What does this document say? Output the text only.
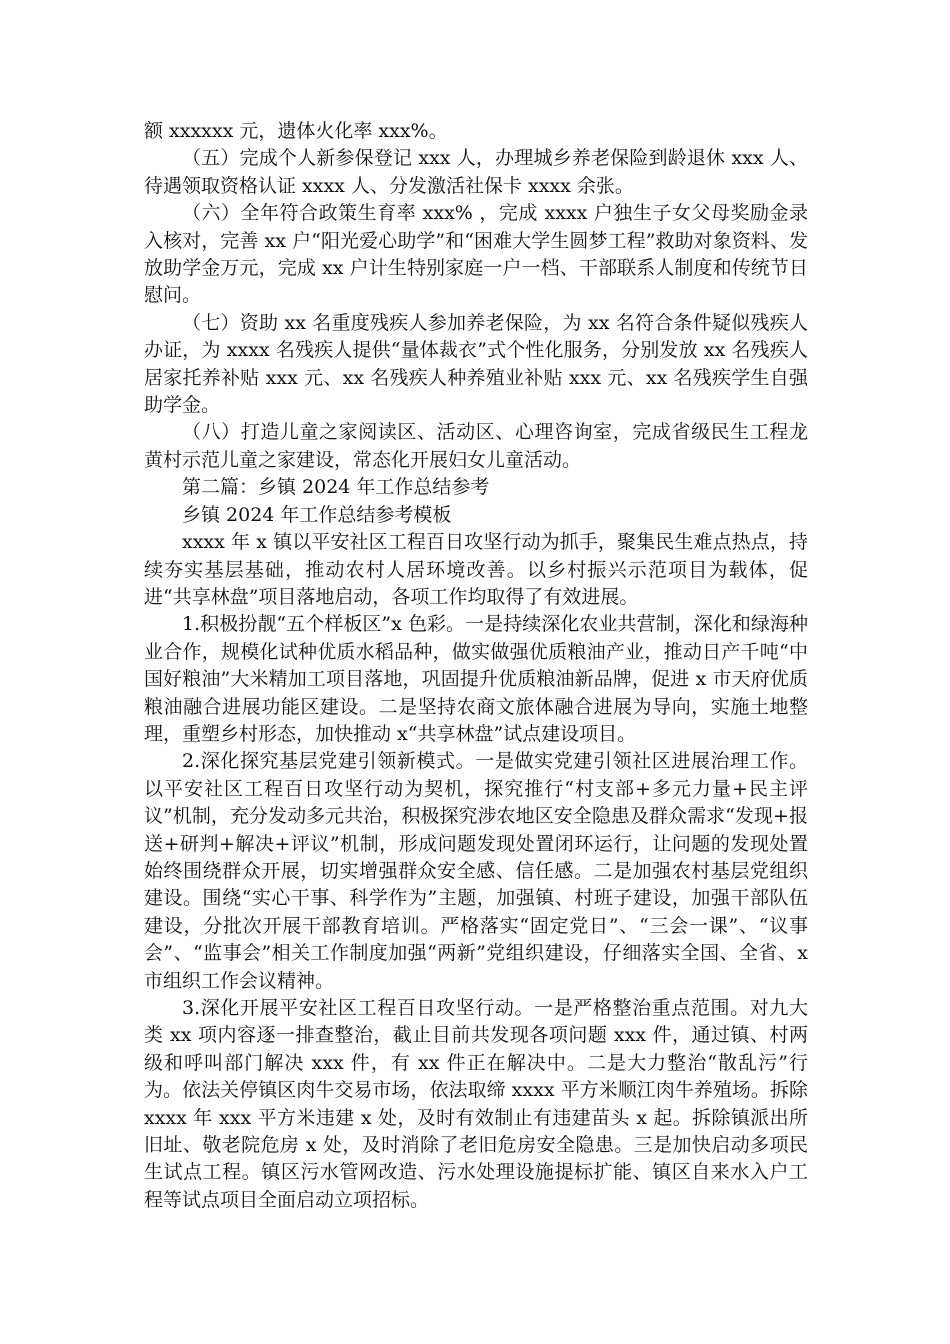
额 xxxxxx 元，遗体火化率 xxx%。

（五）完成个人新参保登记 xxx 人，办理城乡养老保险到龄退休 xxx 人、待遇领取资格认证 xxxx 人、分发激活社保卡 xxxx 余张。

（六）全年符合政策生育率 xxx% ，完成 xxxx 户独生子女父母奖励金录入核对，完善 xx 户“阳光爱心助学”和“困难大学生圆梦工程”救助对象资料、发放助学金万元，完成 xx 户计生特别家庭一户一档、干部联系人制度和传统节日慰问。

（七）资助 xx 名重度残疾人参加养老保险，为 xx 名符合条件疑似残疾人办证，为 xxxx 名残疾人提供“量体裁衣”式个性化服务，分别发放 xx 名残疾人居家托养补贴 xxx 元、xx 名残疾人种养殖业补贴 xxx 元、xx 名残疾学生自强助学金。

（八）打造儿童之家阅读区、活动区、心理咨询室，完成省级民生工程龙黄村示范儿童之家建设，常态化开展妇女儿童活动。

第二篇：乡镇 2024 年工作总结参考

乡镇 2024 年工作总结参考模板

xxxx 年 x 镇以平安社区工程百日攻坚行动为抓手，聚集民生难点热点，持续夯实基层基础，推动农村人居环境改善。以乡村振兴示范项目为载体，促进“共享林盘”项目落地启动，各项工作均取得了有效进展。

1.积极扮靓“五个样板区”x 色彩。一是持续深化农业共营制，深化和绿海种业合作，规模化试种优质水稻品种，做实做强优质粮油产业，推动日产千吨“中国好粮油”大米精加工项目落地，巩固提升优质粮油新品牌，促进 x 市天府优质粮油融合进展功能区建设。二是坚持农商文旅体融合进展为导向，实施土地整理，重塑乡村形态，加快推动 x“共享林盘”试点建设项目。

2.深化探究基层党建引领新模式。一是做实党建引领社区进展治理工作。以平安社区工程百日攻坚行动为契机，探究推行“村支部+多元力量+民主评议”机制，充分发动多元共治，积极探究涉农地区安全隐患及群众需求“发现+报送+研判+解决+评议”机制，形成问题发现处置闭环运行，让问题的发现处置始终围绕群众开展，切实增强群众安全感、信任感。二是加强农村基层党组织建设。围绕“实心干事、科学作为”主题，加强镇、村班子建设，加强干部队伍建设，分批次开展干部教育培训。严格落实“固定党日”、“三会一课”、“议事会”、“监事会”相关工作制度加强“两新”党组织建设，仔细落实全国、全省、x 市组织工作会议精神。

3.深化开展平安社区工程百日攻坚行动。一是严格整治重点范围。对九大类 xx 项内容逐一排查整治，截止目前共发现各项问题 xxx 件，通过镇、村两级和呼叫部门解决 xxx 件，有 xx 件正在解决中。二是大力整治“散乱污”行为。依法关停镇区肉牛交易市场，依法取缔 xxxx 平方米顺江肉牛养殖场。拆除 xxxx 年 xxx 平方米违建 x 处，及时有效制止有违建苗头 x 起。拆除镇派出所旧址、敬老院危房 x 处，及时消除了老旧危房安全隐患。三是加快启动多项民生试点工程。镇区污水管网改造、污水处理设施提标扩能、镇区自来水入户工程等试点项目全面启动立项招标。
